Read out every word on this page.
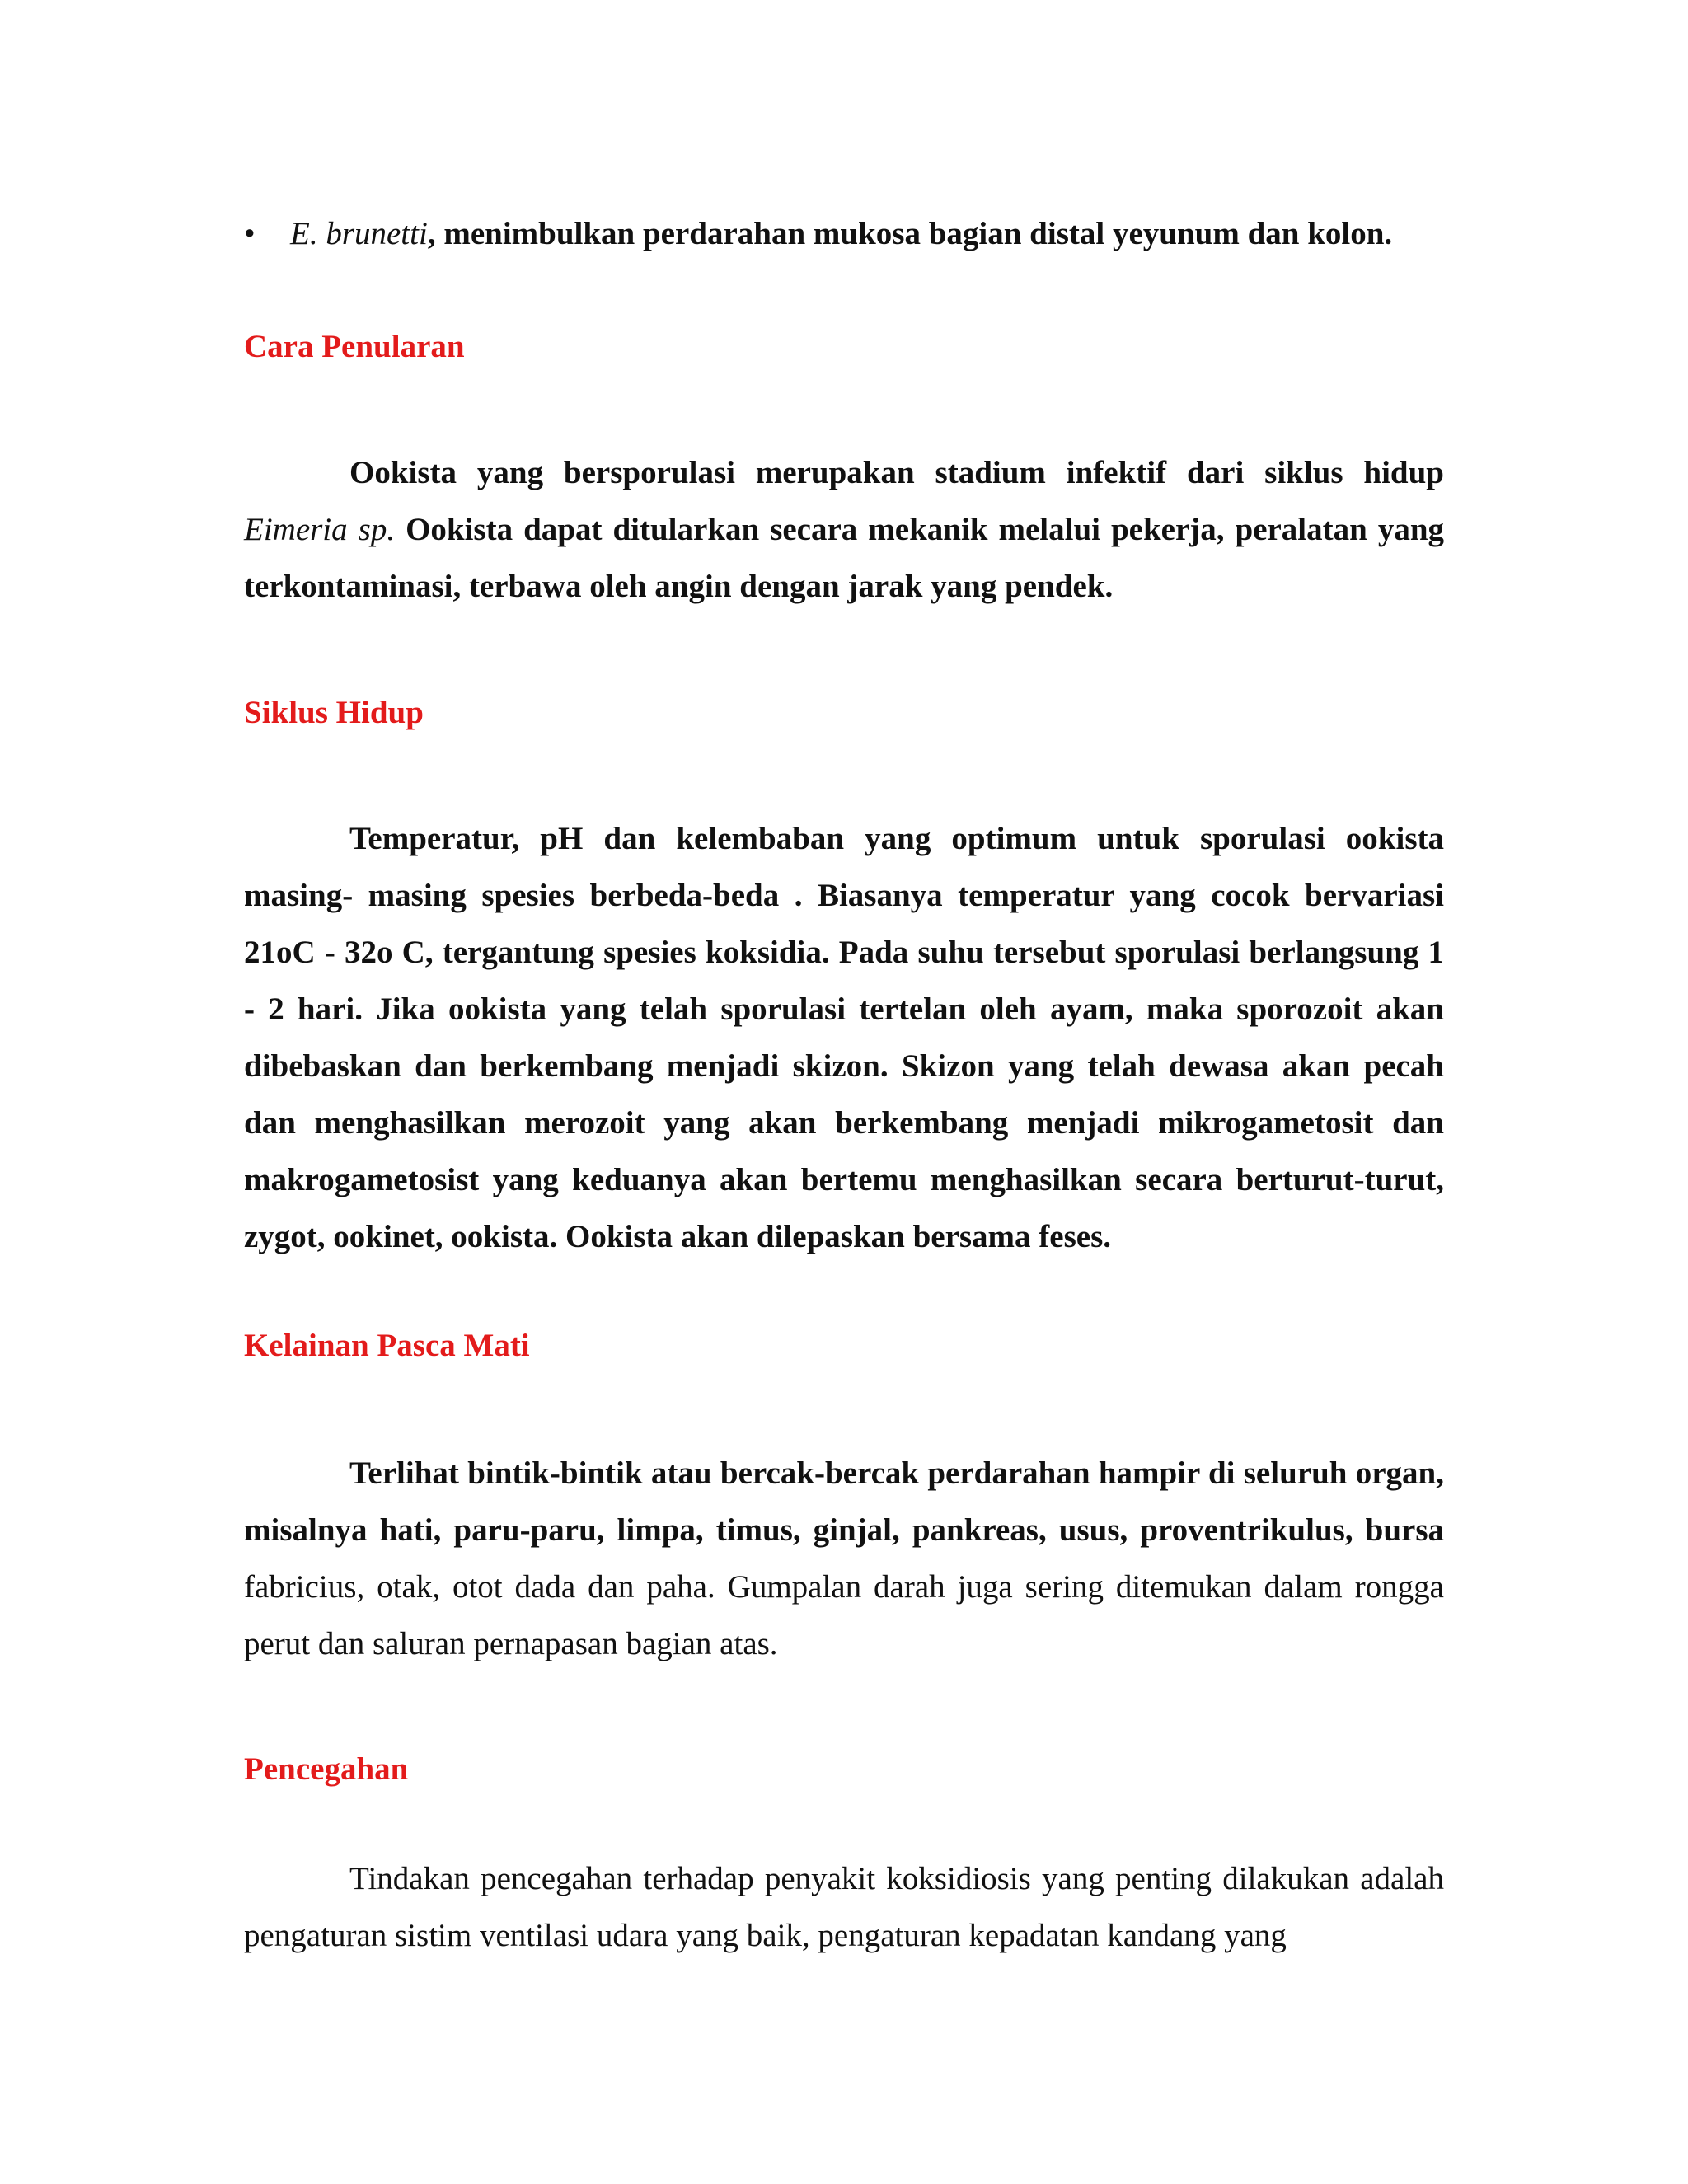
• E. brunetti, menimbulkan perdarahan mukosa bagian distal yeyunum dan kolon.
Cara Penularan
Ookista yang bersporulasi merupakan stadium infektif dari siklus hidup Eimeria sp. Ookista dapat ditularkan secara mekanik melalui pekerja, peralatan yang terkontaminasi, terbawa oleh angin dengan jarak yang pendek.
Siklus Hidup
Temperatur, pH dan kelembaban yang optimum untuk sporulasi ookista masing- masing spesies berbeda-beda . Biasanya temperatur yang cocok bervariasi 21oC - 32o C, tergantung spesies koksidia. Pada suhu tersebut sporulasi berlangsung 1 - 2 hari. Jika ookista yang telah sporulasi tertelan oleh ayam, maka sporozoit akan dibebaskan dan berkembang menjadi skizon. Skizon yang telah dewasa akan pecah dan menghasilkan merozoit yang akan berkembang menjadi mikrogametosit dan makrogametosist yang keduanya akan bertemu menghasilkan secara berturut-turut, zygot, ookinet, ookista. Ookista akan dilepaskan bersama feses.
Kelainan Pasca Mati
Terlihat bintik-bintik atau bercak-bercak perdarahan hampir di seluruh organ, misalnya hati, paru-paru, limpa, timus, ginjal, pankreas, usus, proventrikulus, bursa fabricius, otak, otot dada dan paha. Gumpalan darah juga sering ditemukan dalam rongga perut dan saluran pernapasan bagian atas.
Pencegahan
Tindakan pencegahan terhadap penyakit koksidiosis yang penting dilakukan adalah pengaturan sistim ventilasi udara yang baik, pengaturan kepadatan kandang yang
